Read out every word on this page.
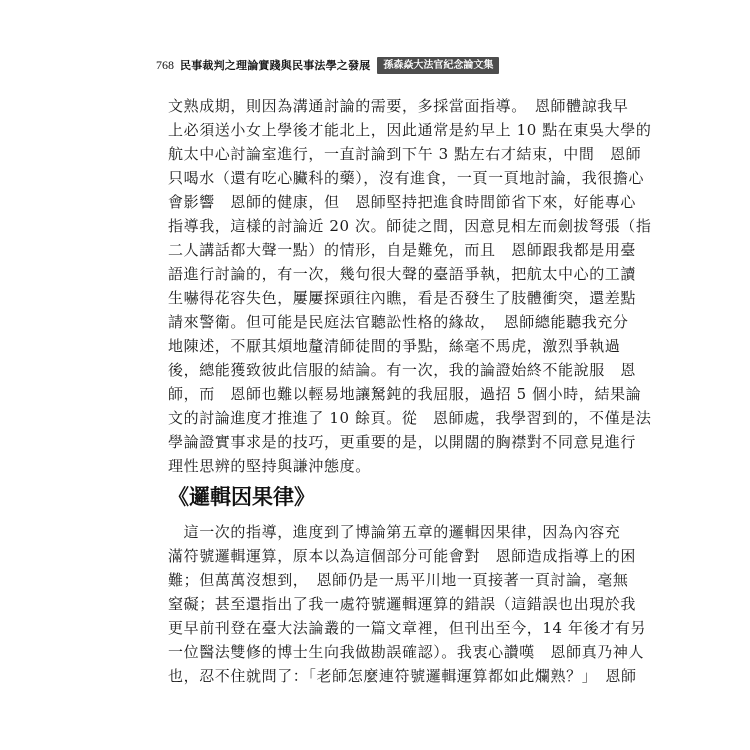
768 民事裁判之理論實踐與民事法學之發展	孫森焱大法官紀念論文集
文熟成期，則因為溝通討論的需要，多採當面指導。　恩師體諒我早
上必須送小女上學後才能北上，因此通常是約早上 10 點在東吳大學的
航太中心討論室進行，一直討論到下午 3 點左右才結束，中間　恩師
只喝水（還有吃心臟科的藥），沒有進食，一頁一頁地討論，我很擔心
會影響　恩師的健康，但　恩師堅持把進食時間節省下來，好能專心
指導我，這樣的討論近 20 次。師徒之間，因意見相左而劍拔弩張（指
二人講話都大聲一點）的情形，自是難免，而且　恩師跟我都是用臺
語進行討論的，有一次，幾句很大聲的臺語爭執，把航太中心的工讀
生嚇得花容失色，屢屢探頭往內瞧，看是否發生了肢體衝突，還差點
請來警衛。但可能是民庭法官聽訟性格的緣故，　恩師總能聽我充分
地陳述，不厭其煩地釐清師徒間的爭點，絲毫不馬虎，激烈爭執過
後，總能獲致彼此信服的結論。有一次，我的論證始終不能說服　恩
師，而　恩師也難以輕易地讓駑鈍的我屈服，過招 5 個小時，結果論
文的討論進度才推進了 10 餘頁。從　恩師處，我學習到的，不僅是法
學論證實事求是的技巧，更重要的是，以開闊的胸襟對不同意見進行
理性思辨的堅持與謙沖態度。
《邏輯因果律》
　這一次的指導，進度到了博論第五章的邏輯因果律，因為內容充
滿符號邏輯運算，原本以為這個部分可能會對　恩師造成指導上的困
難；但萬萬沒想到，　恩師仍是一馬平川地一頁接著一頁討論，毫無
窒礙；甚至還指出了我一處符號邏輯運算的錯誤（這錯誤也出現於我
更早前刊登在臺大法論叢的一篇文章裡，但刊出至今，14 年後才有另
一位醫法雙修的博士生向我做勘誤確認）。我衷心讚嘆　恩師真乃神人
也，忍不住就問了：「老師怎麼連符號邏輯運算都如此爛熟？」　恩師
